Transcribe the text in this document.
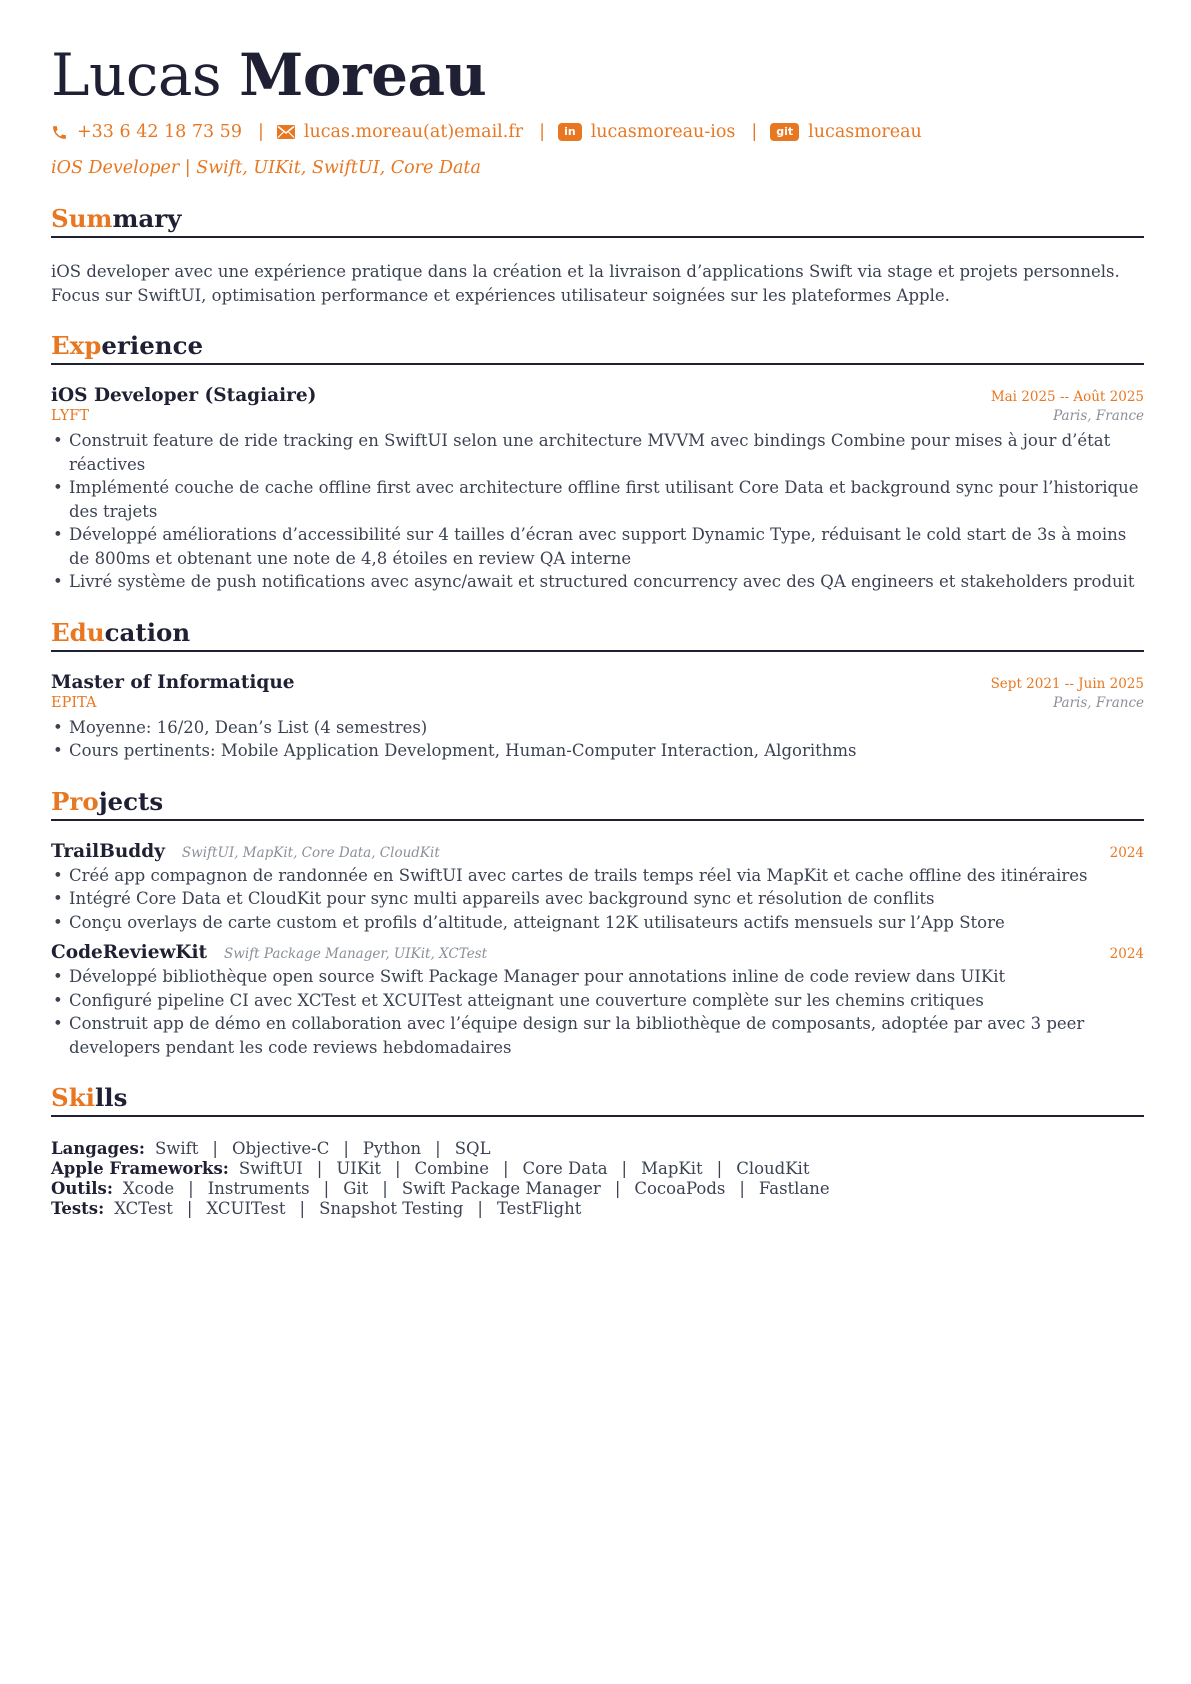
Lucas Moreau
+33 6 42 18 73 59 | lucas.moreau(at)email.fr |	in lucasmoreau-ios |	git lucasmoreau
iOS Developer | Swift, UIKit, SwiftUI, Core Data
Summary
iOS developer avec une expérience pratique dans la création et la livraison d’applications Swift via stage et projets personnels. Focus sur SwiftUI, optimisation performance et expériences utilisateur soignées sur les plateformes Apple.
Experience
iOS Developer (Stagiaire)	Mai 2025 -- Août 2025
LYFT	Paris, France
• Construit feature de ride tracking en SwiftUI selon une architecture MVVM avec bindings Combine pour mises à jour d’état réactives
• Implémenté couche de cache offline first avec architecture offline first utilisant Core Data et background sync pour l’historique des trajets
• Développé améliorations d’accessibilité sur 4 tailles d’écran avec support Dynamic Type, réduisant le cold start de 3s à moins de 800ms et obtenant une note de 4,8 étoiles en review QA interne
• Livré système de push notifications avec async/await et structured concurrency avec des QA engineers et stakeholders produit
Education
Master of Informatique	Sept 2021 -- Juin 2025
EPITA	Paris, France
• Moyenne: 16/20, Dean’s List (4 semestres)
• Cours pertinents: Mobile Application Development, Human-Computer Interaction, Algorithms
Projects
TrailBuddy SwiftUI, MapKit, Core Data, CloudKit	2024
• Créé app compagnon de randonnée en SwiftUI avec cartes de trails temps réel via MapKit et cache offline des itinéraires
• Intégré Core Data et CloudKit pour sync multi appareils avec background sync et résolution de conflits
• Conçu overlays de carte custom et profils d’altitude, atteignant 12K utilisateurs actifs mensuels sur l’App Store
CodeReviewKit Swift Package Manager, UIKit, XCTest	2024
• Développé bibliothèque open source Swift Package Manager pour annotations inline de code review dans UIKit
• Configuré pipeline CI avec XCTest et XCUITest atteignant une couverture complète sur les chemins critiques
• Construit app de démo en collaboration avec l’équipe design sur la bibliothèque de composants, adoptée par avec 3 peer developers pendant les code reviews hebdomadaires
Skills
Langages: Swift | Objective-C | Python | SQL
Apple Frameworks: SwiftUI | UIKit | Combine | Core Data | MapKit | CloudKit
Outils: Xcode | Instruments | Git | Swift Package Manager | CocoaPods | Fastlane
Tests: XCTest | XCUITest | Snapshot Testing | TestFlight
